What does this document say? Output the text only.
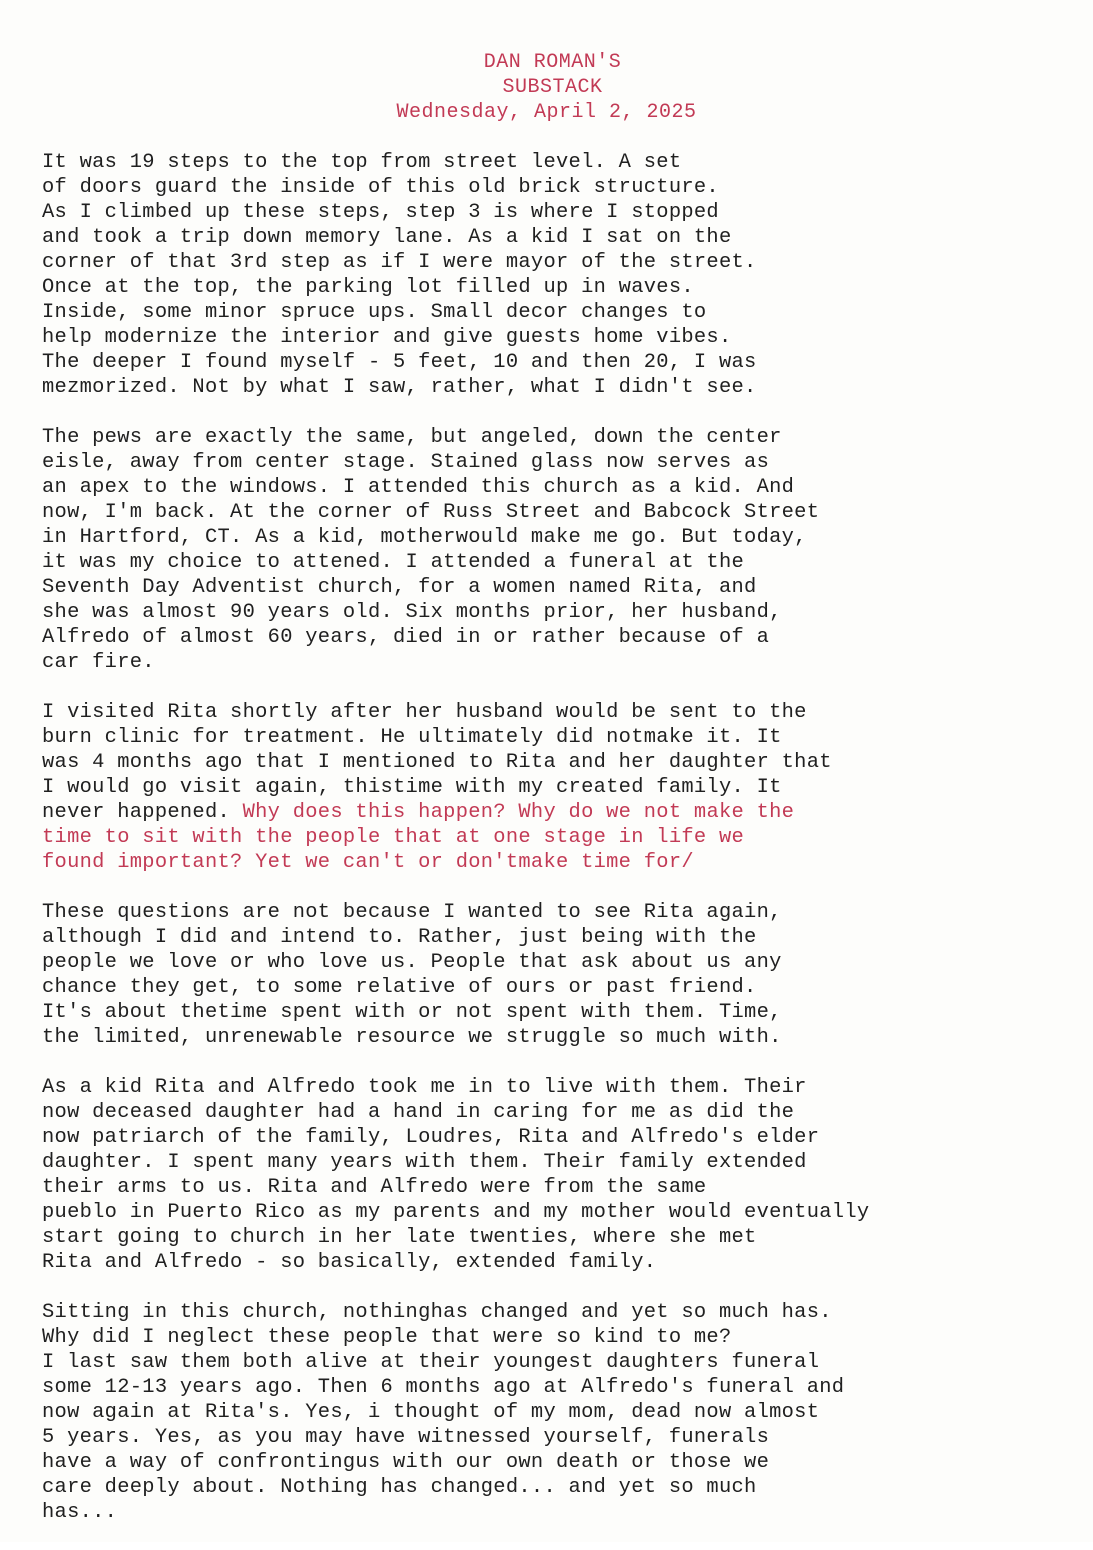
DAN ROMAN'S
SUBSTACK
Wednesday, April 2, 2025
It was 19 steps to the top from street level. A set
of doors guard the inside of this old brick structure.
As I climbed up these steps, step 3 is where I stopped
and took a trip down memory lane. As a kid I sat on the
corner of that 3rd step as if I were mayor of the street.
Once at the top, the parking lot filled up in waves.
Inside, some minor spruce ups. Small decor changes to
help modernize the interior and give guests home vibes.
The deeper I found myself - 5 feet, 10 and then 20, I was
mezmorized. Not by what I saw, rather, what I didn't see.
The pews are exactly the same, but angeled, down the center
eisle, away from center stage. Stained glass now serves as
an apex to the windows. I attended this church as a kid. And
now, I'm back. At the corner of Russ Street and Babcock Street
in Hartford, CT. As a kid, motherwould make me go. But today,
it was my choice to attened. I attended a funeral at the
Seventh Day Adventist church, for a women named Rita, and
she was almost 90 years old. Six months prior, her husband,
Alfredo of almost 60 years, died in or rather because of a
car fire.
I visited Rita shortly after her husband would be sent to the
burn clinic for treatment. He ultimately did notmake it. It
was 4 months ago that I mentioned to Rita and her daughter that
I would go visit again, thistime with my created family. It
never happened. Why does this happen? Why do we not make the
time to sit with the people that at one stage in life we
found important? Yet we can't or don'tmake time for/
These questions are not because I wanted to see Rita again,
although I did and intend to. Rather, just being with the
people we love or who love us. People that ask about us any
chance they get, to some relative of ours or past friend.
It's about thetime spent with or not spent with them. Time,
the limited, unrenewable resource we struggle so much with.
As a kid Rita and Alfredo took me in to live with them. Their
now deceased daughter had a hand in caring for me as did the
now patriarch of the family, Loudres, Rita and Alfredo's elder
daughter. I spent many years with them. Their family extended
their arms to us. Rita and Alfredo were from the same
pueblo in Puerto Rico as my parents and my mother would eventually
start going to church in her late twenties, where she met
Rita and Alfredo - so basically, extended family.
Sitting in this church, nothinghas changed and yet so much has.
Why did I neglect these people that were so kind to me?
I last saw them both alive at their youngest daughters funeral
some 12-13 years ago. Then 6 months ago at Alfredo's funeral and
now again at Rita's. Yes, i thought of my mom, dead now almost
5 years. Yes, as you may have witnessed yourself, funerals
have a way of confrontingus with our own death or those we
care deeply about. Nothing has changed... and yet so much
has...
